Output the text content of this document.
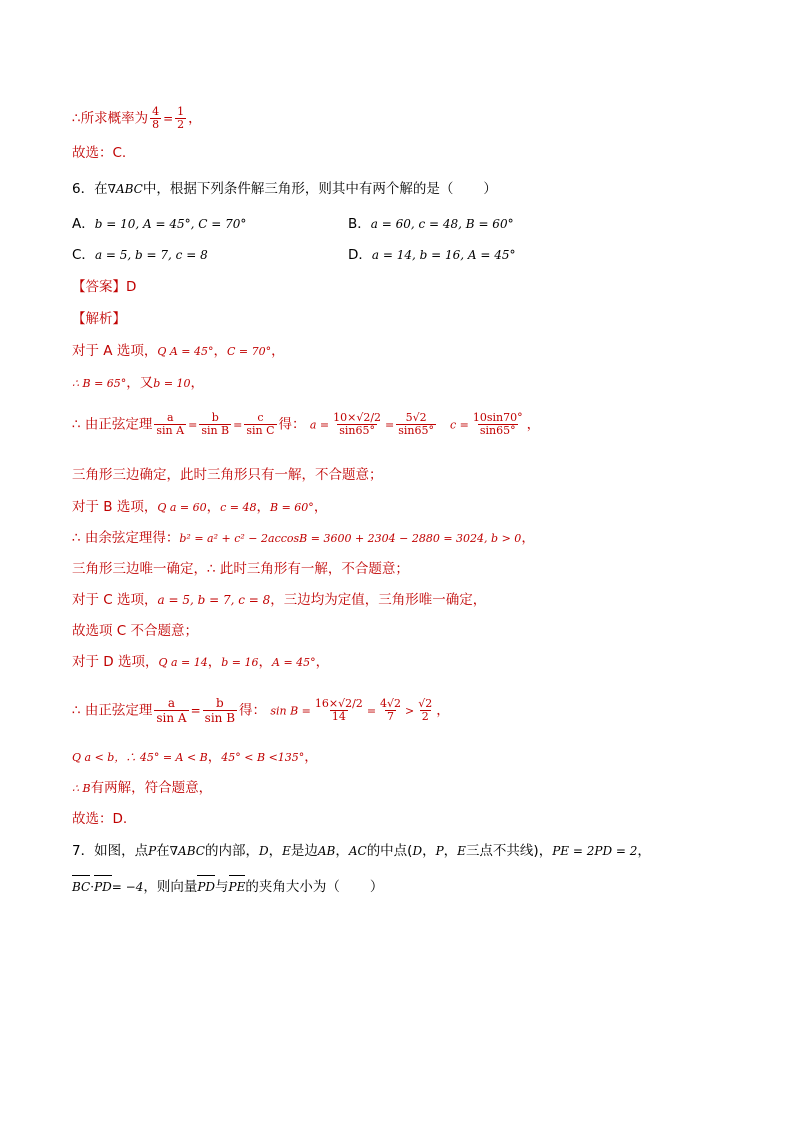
∴所求概率为 $\frac{4}{8} = \frac{1}{2}$ ，
故选：C.
6．在∇ABC中，根据下列条件解三角形，则其中有两个解的是（ ）
A．b = 10, A = 45°, C = 70°	B．a = 60, c = 48, B = 60°
C．a = 5, b = 7, c = 8	D．a = 14, b = 16, A = 45°
【答案】D
【解析】
对于 A 选项，Q A = 45°，C = 70°，
∴ B = 65°，又b = 10，
∴ 由正弦定理 $\frac{a}{\text{sin A}} = \frac{b}{\text{sin B}} = \frac{c}{\text{sin C}}$ 得： $a = \frac{10\times√2/2}{\sin 65^\circ} = \frac{5√2}{\sin 65^\circ}$ $c = \frac{10\sin 70^\circ}{\sin 65^\circ}$ ，
三角形三边确定，此时三角形只有一解，不合题意；
对于 B 选项，Q a = 60，c = 48，B = 60°，
∴ 由余弦定理得：b² = a² + c² − 2accosB = 3600 + 2304 − 2880 = 3024, b > 0，
三角形三边唯一确定，∴ 此时三角形有一解，不合题意；
对于 C 选项，a = 5, b = 7, c = 8，三边均为定值，三角形唯一确定，
故选项 C 不合题意；
对于 D 选项，Q a = 14，b = 16，A = 45°，
∴ 由正弦定理 $\frac{a}{\text{sin A}} = \frac{b}{\text{sin B}}$ 得： $\sin B = \frac{16\times√2/2}{14} = \frac{4√2}{7} > \frac{√2}{2}$ ，
Q a < b，∴ 45° = A < B，45° < B <135°，
∴ B有两解，符合题意，
故选：D.
7．如图，点P在∇ABC的内部，D，E是边AB，AC的中点(D，P，E三点不共线)，PE = 2PD = 2，
BC·PD= −4，则向量PD与PE的夹角大小为（ ）
